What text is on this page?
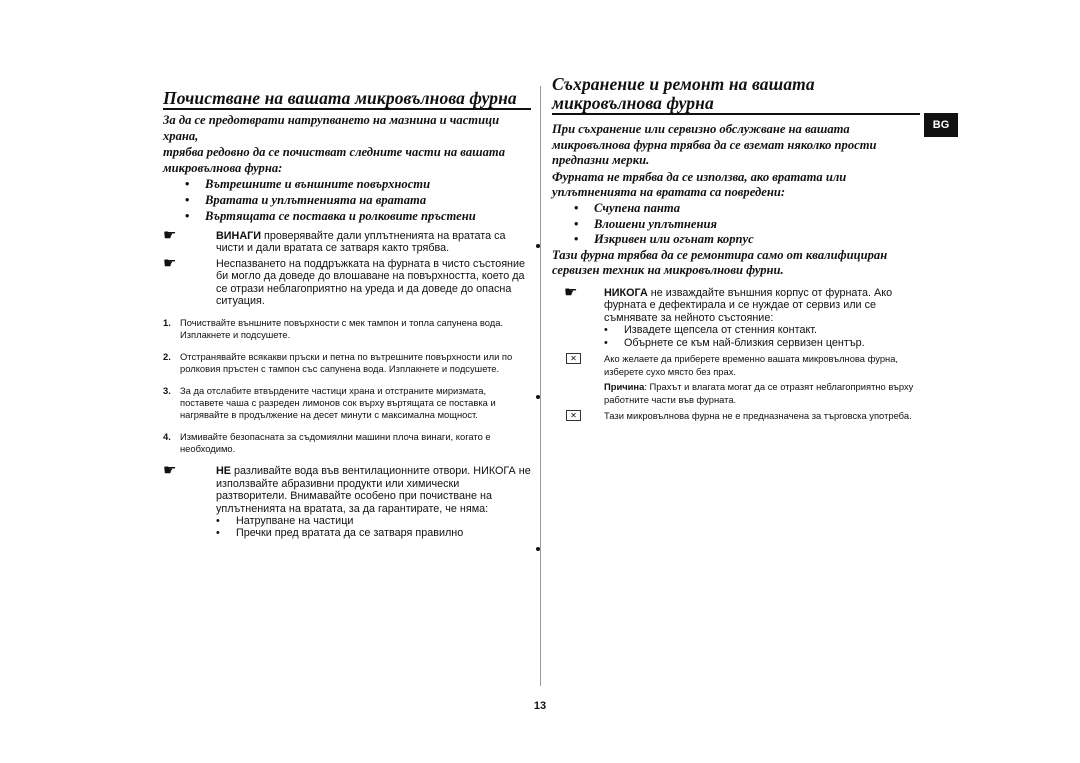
Почистване на вашата микровълнова фурна
За да се предотврати натрупването на мазнина и частици храна,
трябва редовно да се почистват следните части на вашата
микровълнова фурна:
• Вътрешните и външните повърхности
• Вратата и уплътненията на вратата
• Въртящата се поставка и ролковите пръстени
☛	ВИНАГИ проверявайте дали уплътненията на вратата са чисти и дали вратата се затваря както трябва.
☛	Неспазването на поддръжката на фурната в чисто състояние би могло да доведе до влошаване на повърхността, което да се отрази неблагоприятно на уреда и да доведе до опасна ситуация.
1. Почиствайте външните повърхности с мек тампон и топла сапунена вода. Изплакнете и подсушете.
2. Отстранявайте всякакви пръски и петна по вътрешните повърхности или по ролковия пръстен с тампон със сапунена вода. Изплакнете и подсушете.
3. За да отслабите втвърдените частици храна и отстраните миризмата, поставете чаша с разреден лимонов сок върху въртящата се поставка и нагрявайте в продължение на десет минути с максимална мощност.
4. Измивайте безопасната за съдомиялни машини плоча винаги, когато е необходимо.
☛	НЕ разливайте вода във вентилационните отвори. НИКОГА не използвайте абразивни продукти или химически разтворители. Внимавайте особено при почистване на уплътненията на вратата, за да гарантирате, че няма:
• Натрупване на частици
• Пречки пред вратата да се затваря правилно
Съхранение и ремонт на вашата микровълнова фурна
При съхранение или сервизно обслужване на вашата микровълнова фурна трябва да се вземат няколко прости предпазни мерки.
Фурната не трябва да се използва, ако вратата или уплътненията на вратата са повредени:
• Счупена панта
• Влошени уплътнения
• Изкривен или огънат корпус
Тази фурна трябва да се ремонтира само от квалифициран сервизен техник на микровълнови фурни.
☛ НИКОГА не изваждайте външния корпус от фурната. Ако фурната е дефектирала и се нуждае от сервиз или се съмнявате за нейното състояние:
• Извадете щепсела от стенния контакт.
• Обърнете се към най-близкия сервизен център.
✕	Ако желаете да приберете временно вашата микровълнова фурна, изберете сухо място без прах.
Причина: Прахът и влагата могат да се отразят неблагоприятно върху работните части във фурната.
✕	Тази микровълнова фурна не е предназначена за търговска употреба.
BG
13
